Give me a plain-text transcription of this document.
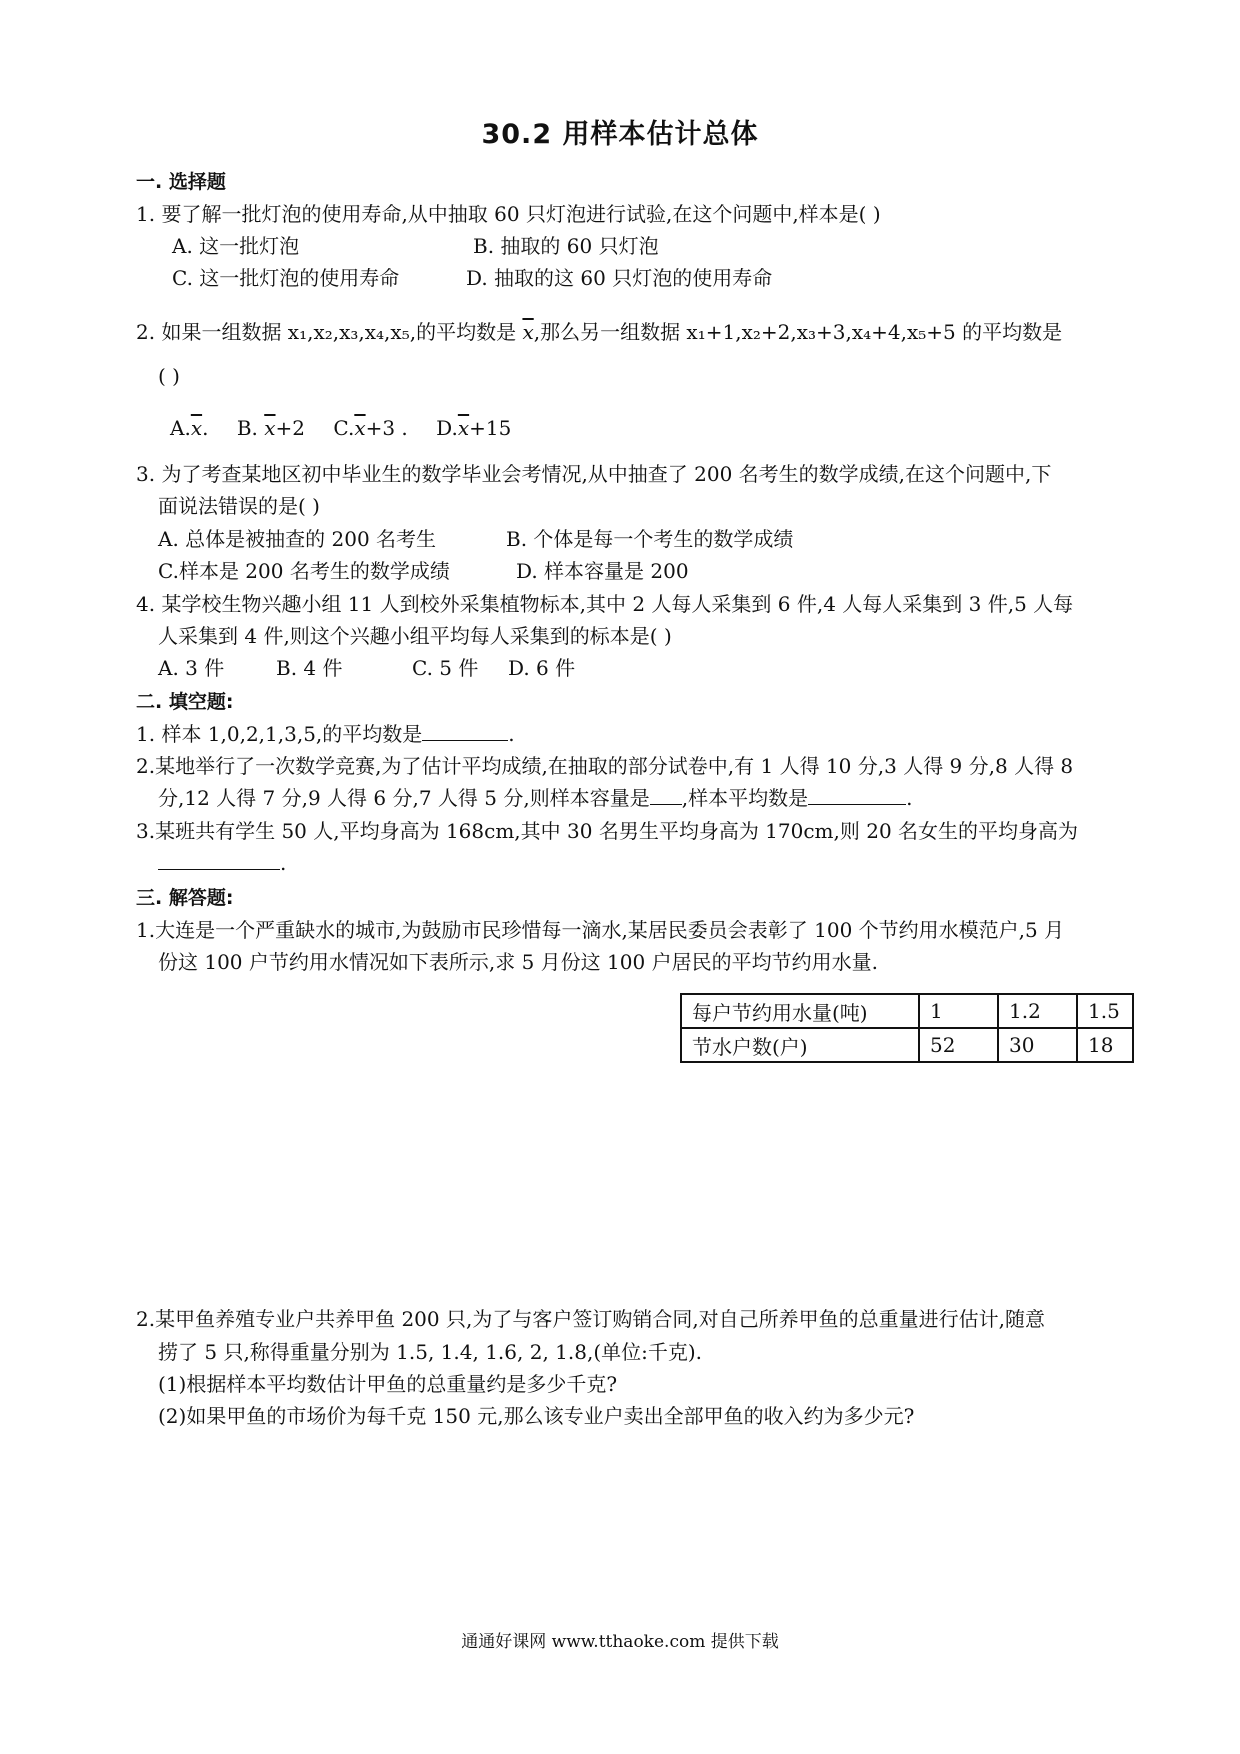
30.2 用样本估计总体
一. 选择题
1. 要了解一批灯泡的使用寿命,从中抽取 60 只灯泡进行试验,在这个问题中,样本是( )
A. 这一批灯泡	B. 抽取的 60 只灯泡
C. 这一批灯泡的使用寿命	D. 抽取的这 60 只灯泡的使用寿命
2. 如果一组数据 x₁,x₂,x₃,x₄,x₅,的平均数是 $\overline{x}$,那么另一组数据 x₁+1,x₂+2,x₃+3,x₄+4,x₅+5 的平均数是
( )
$A.\overline{x}$. B. $\overline{x}+2$ $C.\overline{x}+3$ . $D.\overline{x}+15$
3. 为了考查某地区初中毕业生的数学毕业会考情况,从中抽查了 200 名考生的数学成绩,在这个问题中,下
面说法错误的是( )
A. 总体是被抽查的 200 名考生	B. 个体是每一个考生的数学成绩
C.样本是 200 名考生的数学成绩	D. 样本容量是 200
4. 某学校生物兴趣小组 11 人到校外采集植物标本,其中 2 人每人采集到 6 件,4 人每人采集到 3 件,5 人每
人采集到 4 件,则这个兴趣小组平均每人采集到的标本是( )
A. 3 件	B. 4 件	C. 5 件 D. 6 件
二. 填空题:
1. 样本 1,0,2,1,3,5,的平均数是	.
2.某地举行了一次数学竞赛,为了估计平均成绩,在抽取的部分试卷中,有 1 人得 10 分,3 人得 9 分,8 人得 8
分,12 人得 7 分,9 人得 6 分,7 人得 5 分,则样本容量是 ,样本平均数是	.
3.某班共有学生 50 人,平均身高为 168cm,其中 30 名男生平均身高为 170cm,则 20 名女生的平均身高为
.
三. 解答题:
1.大连是一个严重缺水的城市,为鼓励市民珍惜每一滴水,某居民委员会表彰了 100 个节约用水模范户,5 月
份这 100 户节约用水情况如下表所示,求 5 月份这 100 户居民的平均节约用水量.
每户节约用水量(吨)	1	1.2	1.5
节水户数(户)	52	30	18
2.某甲鱼养殖专业户共养甲鱼 200 只,为了与客户签订购销合同,对自己所养甲鱼的总重量进行估计,随意
捞了 5 只,称得重量分别为 1.5, 1.4, 1.6, 2, 1.8,(单位:千克).
(1)根据样本平均数估计甲鱼的总重量约是多少千克?
(2)如果甲鱼的市场价为每千克 150 元,那么该专业户卖出全部甲鱼的收入约为多少元?
通通好课网 www.tthaoke.com 提供下载
